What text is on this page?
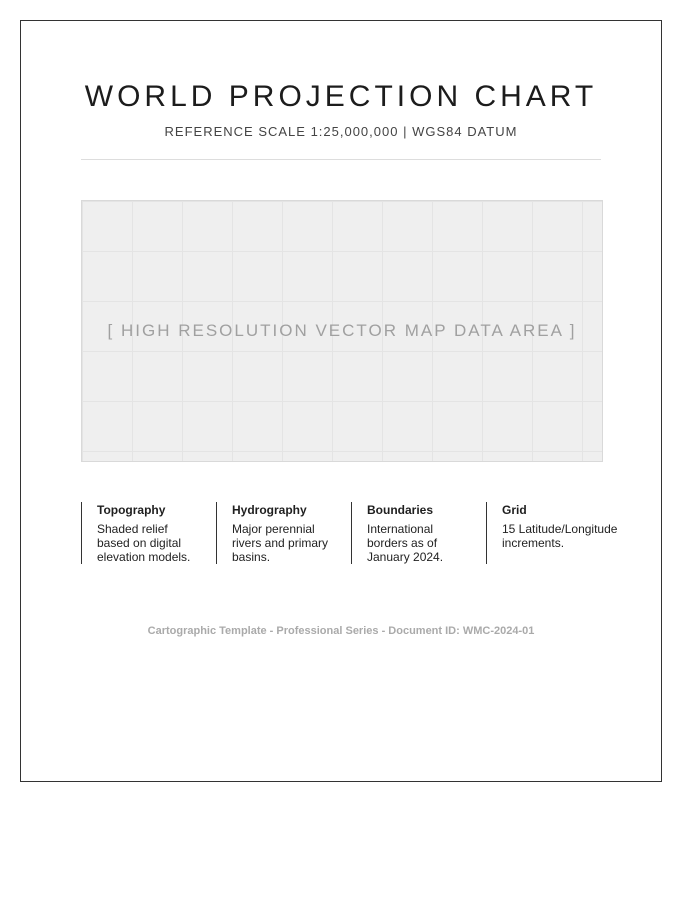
WORLD PROJECTION CHART
REFERENCE SCALE 1:25,000,000 | WGS84 DATUM
[ HIGH RESOLUTION VECTOR MAP DATA AREA ]
Topography
Shaded relief based on digital elevation models.
Hydrography
Major perennial rivers and primary basins.
Boundaries
International borders as of January 2024.
Grid
15 Latitude/Longitude increments.
Cartographic Template - Professional Series - Document ID: WMC-2024-01
